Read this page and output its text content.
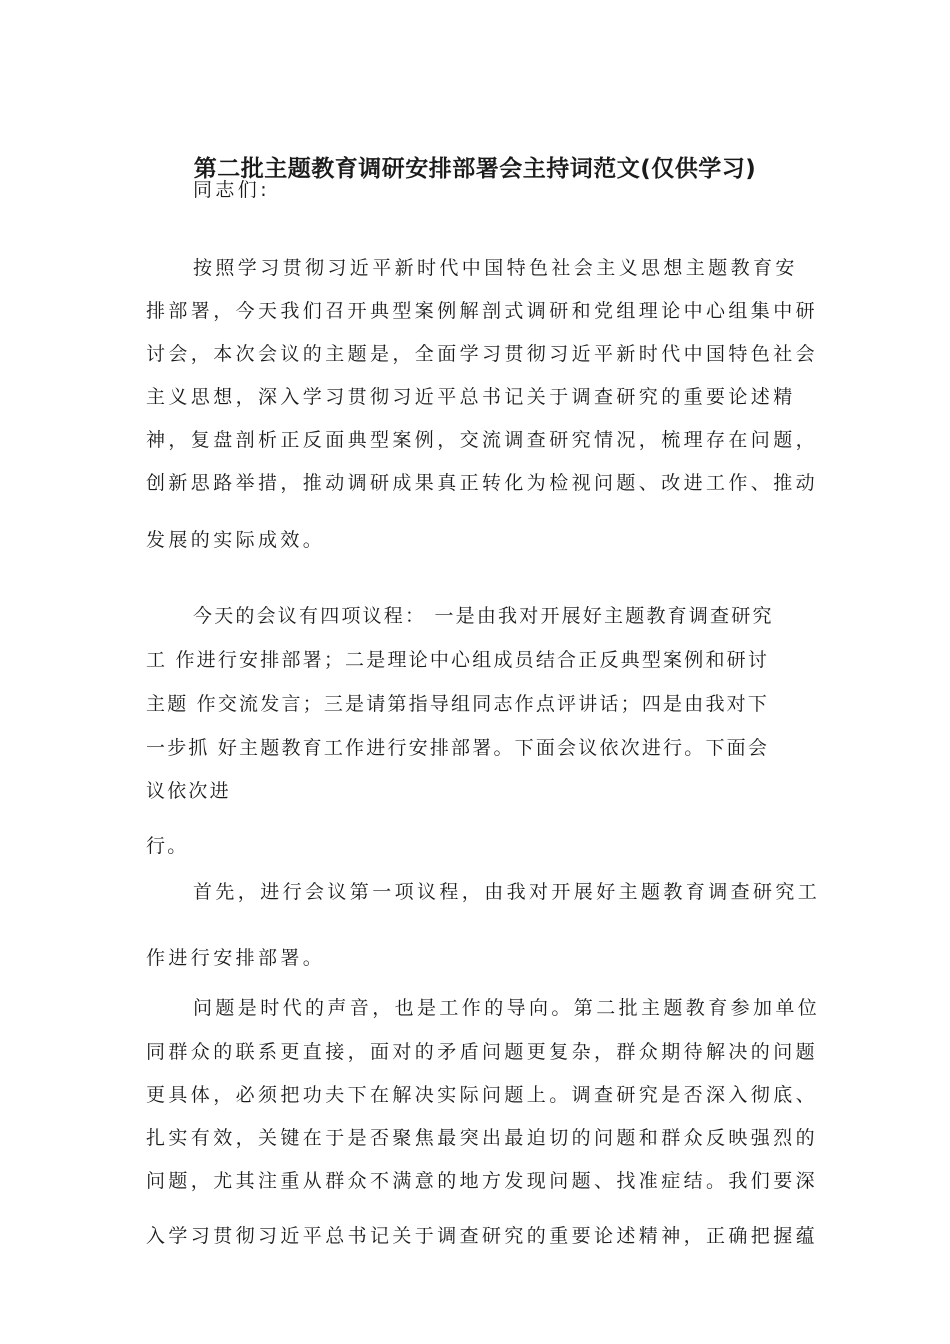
第二批主题教育调研安排部署会主持词范文(仅供学习)
同志们:
按照学习贯彻习近平新时代中国特色社会主义思想主题教育安
排部署，今天我们召开典型案例解剖式调研和党组理论中心组集中研
讨会，本次会议的主题是，全面学习贯彻习近平新时代中国特色社会
主义思想，深入学习贯彻习近平总书记关于调查研究的重要论述精
神，复盘剖析正反面典型案例，交流调查研究情况，梳理存在问题，
创新思路举措，推动调研成果真正转化为检视问题、改进工作、推动
发展的实际成效。
今天的会议有四项议程： 一是由我对开展好主题教育调查研究
工 作进行安排部署；二是理论中心组成员结合正反典型案例和研讨
主题 作交流发言；三是请第指导组同志作点评讲话；四是由我对下
一步抓 好主题教育工作进行安排部署。下面会议依次进行。下面会
议依次进
行。
首先，进行会议第一项议程，由我对开展好主题教育调查研究工
作进行安排部署。
问题是时代的声音，也是工作的导向。第二批主题教育参加单位
同群众的联系更直接，面对的矛盾问题更复杂，群众期待解决的问题
更具体，必须把功夫下在解决实际问题上。调查研究是否深入彻底、
扎实有效，关键在于是否聚焦最突出最迫切的问题和群众反映强烈的
问题，尤其注重从群众不满意的地方发现问题、找准症结。我们要深
入学习贯彻习近平总书记关于调查研究的重要论述精神，正确把握蕴
